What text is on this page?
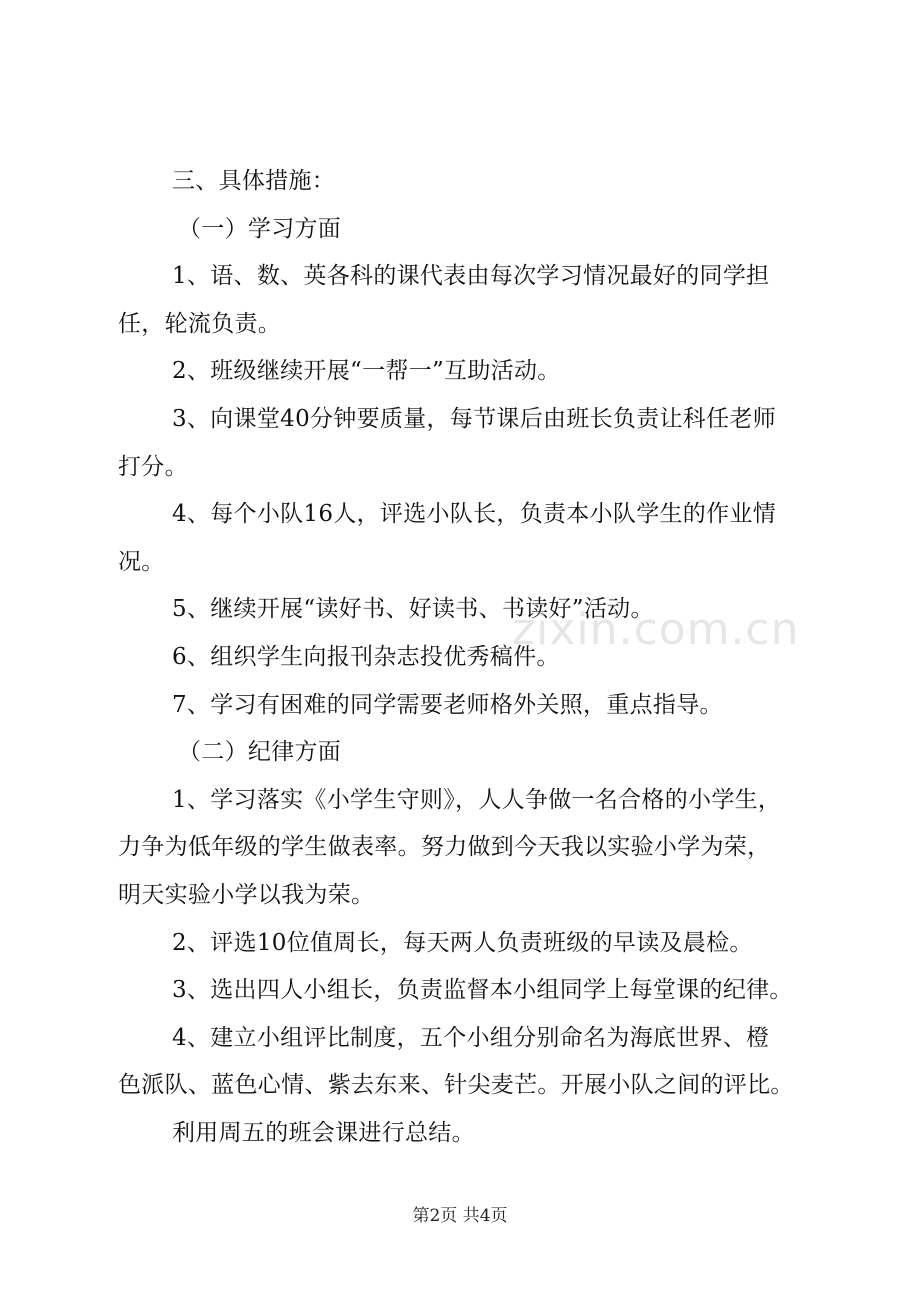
三、具体措施：
（一）学习方面
1、语、数、英各科的课代表由每次学习情况最好的同学担
任，轮流负责。
2、班级继续开展“一帮一”互助活动。
3、向课堂40分钟要质量，每节课后由班长负责让科任老师
打分。
4、每个小队16人，评选小队长，负责本小队学生的作业情
况。
5、继续开展“读好书、好读书、书读好”活动。
6、组织学生向报刊杂志投优秀稿件。
7、学习有困难的同学需要老师格外关照，重点指导。
（二）纪律方面
1、学习落实《小学生守则》，人人争做一名合格的小学生，
力争为低年级的学生做表率。努力做到今天我以实验小学为荣，
明天实验小学以我为荣。
2、评选10位值周长，每天两人负责班级的早读及晨检。
3、选出四人小组长，负责监督本小组同学上每堂课的纪律。
4、建立小组评比制度，五个小组分别命名为海底世界、橙
色派队、蓝色心情、紫去东来、针尖麦芒。开展小队之间的评比。
利用周五的班会课进行总结。
zixin.com.cn
第2页 共4页
